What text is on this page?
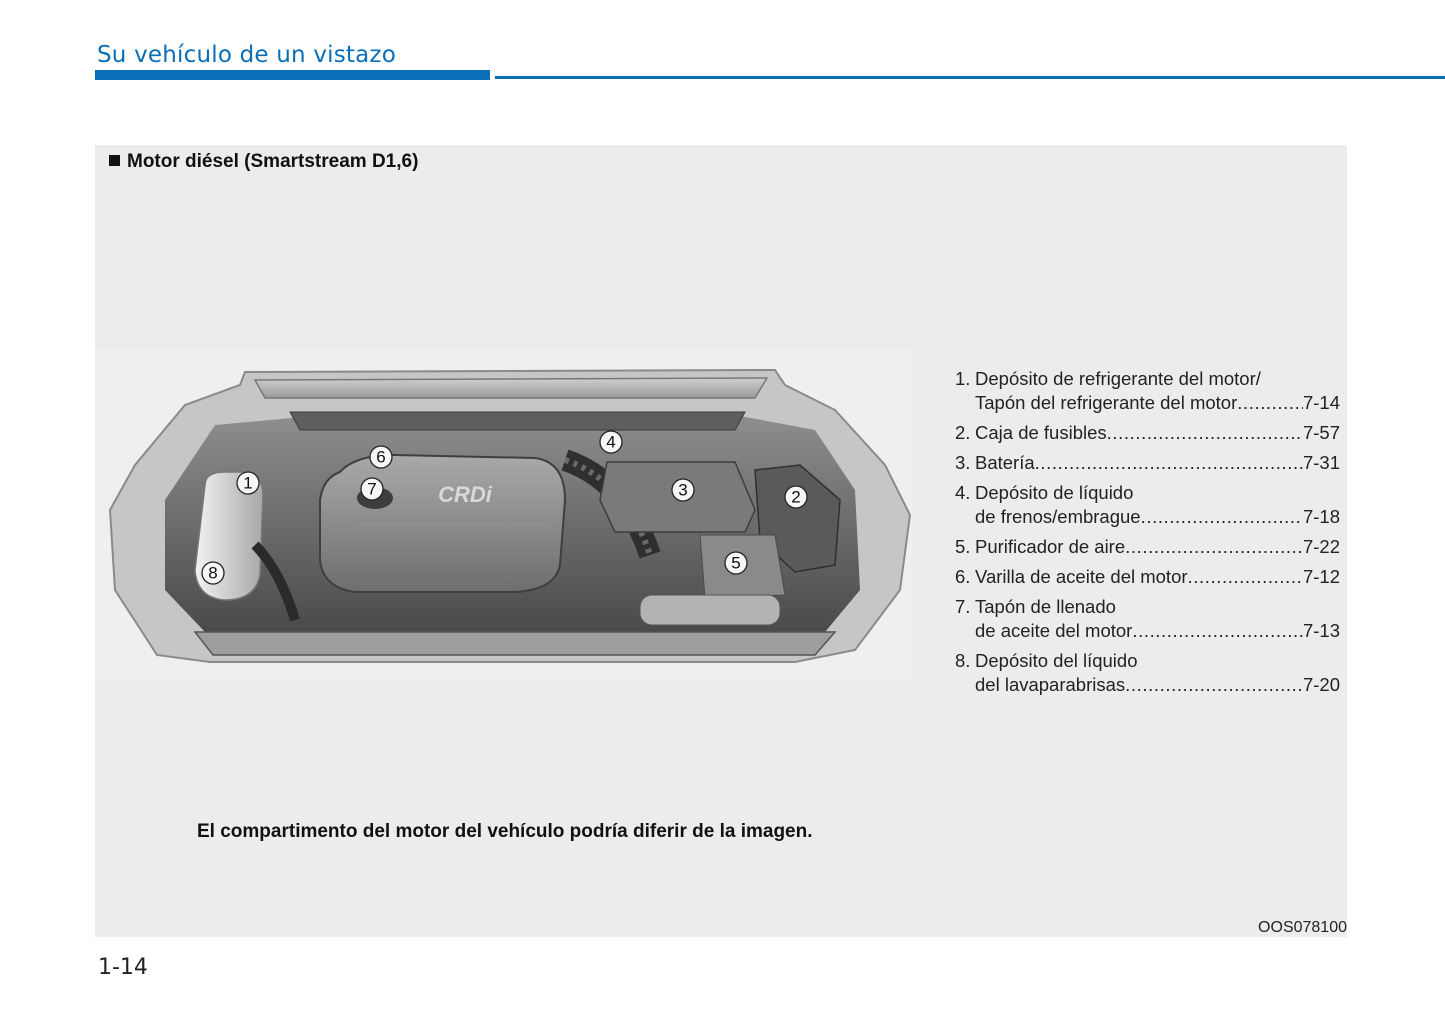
Su vehículo de un vistazo
Motor diésel (Smartstream D1,6)
CRDi
1
2
3
4
5
6
7
8
1. Depósito de refrigerante del motor/
Tapón del refrigerante del motor .....	7-14
2. Caja de fusibles .....	7-57
3. Batería .....	7-31
4. Depósito de líquido
de frenos/embrague .....	7-18
5. Purificador de aire .....	7-22
6. Varilla de aceite del motor .....	7-12
7. Tapón de llenado
de aceite del motor .....	7-13
8. Depósito del líquido
del lavaparabrisas .....	7-20
El compartimento del motor del vehículo podría diferir de la imagen.
OOS078100
1-14
